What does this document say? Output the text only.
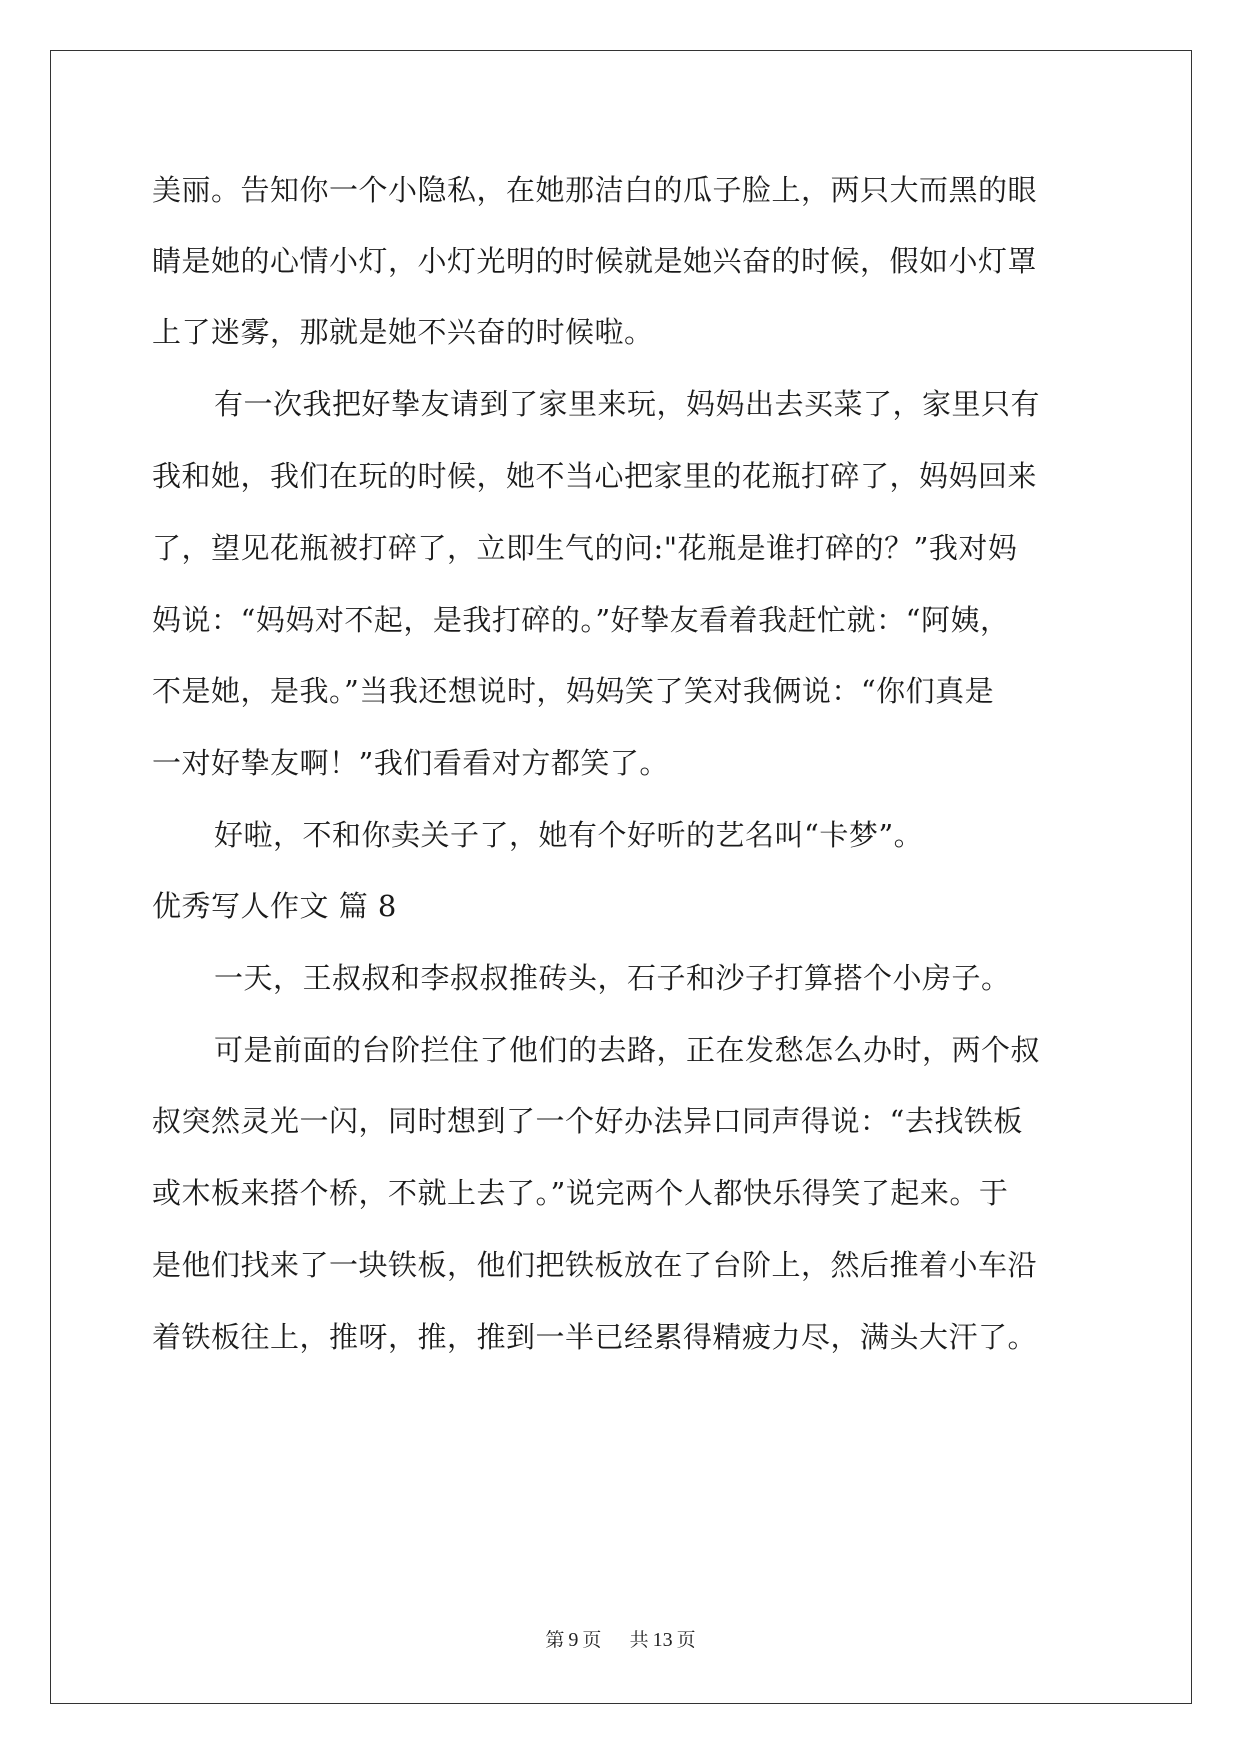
美丽。告知你一个小隐私，在她那洁白的瓜子脸上，两只大而黑的眼
睛是她的心情小灯，小灯光明的时候就是她兴奋的时候，假如小灯罩
上了迷雾，那就是她不兴奋的时候啦。
有一次我把好挚友请到了家里来玩，妈妈出去买菜了，家里只有
我和她，我们在玩的时候，她不当心把家里的花瓶打碎了，妈妈回来
了，望见花瓶被打碎了，立即生气的问:"花瓶是谁打碎的？”我对妈
妈说：“妈妈对不起，是我打碎的。”好挚友看着我赶忙就：“阿姨，
不是她，是我。”当我还想说时，妈妈笑了笑对我俩说：“你们真是
一对好挚友啊！”我们看看对方都笑了。
好啦，不和你卖关子了，她有个好听的艺名叫“卡梦”。
优秀写人作文 篇 8
一天，王叔叔和李叔叔推砖头，石子和沙子打算搭个小房子。
可是前面的台阶拦住了他们的去路，正在发愁怎么办时，两个叔
叔突然灵光一闪，同时想到了一个好办法异口同声得说：“去找铁板
或木板来搭个桥，不就上去了。”说完两个人都快乐得笑了起来。于
是他们找来了一块铁板，他们把铁板放在了台阶上，然后推着小车沿
着铁板往上，推呀，推，推到一半已经累得精疲力尽，满头大汗了。
第 9 页 共 13 页
